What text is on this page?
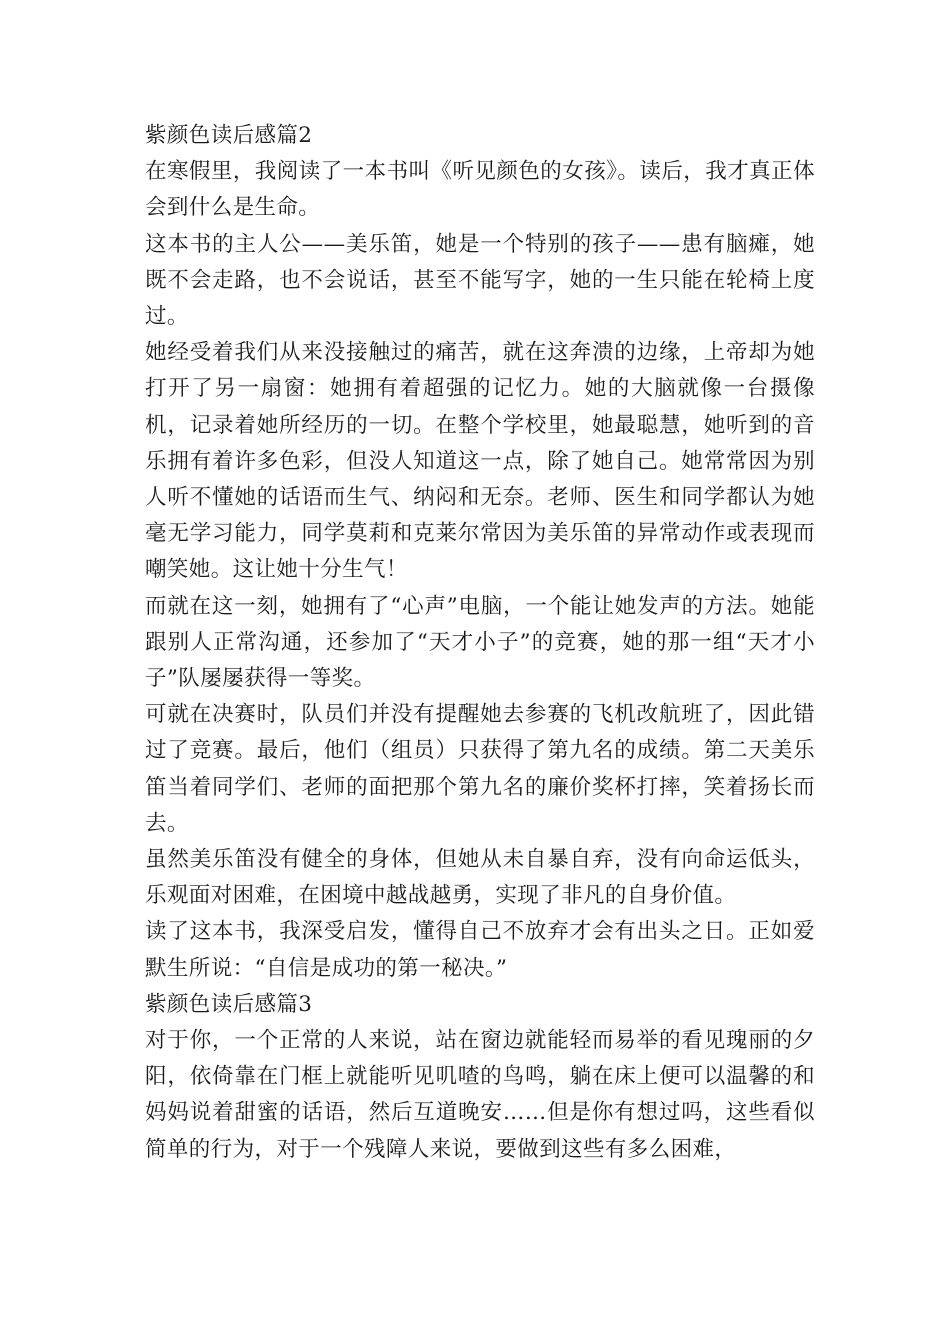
紫颜色读后感篇2

在寒假里，我阅读了一本书叫《听见颜色的女孩》。读后，我才真正体会到什么是生命。

这本书的主人公——美乐笛，她是一个特别的孩子——患有脑瘫，她既不会走路，也不会说话，甚至不能写字，她的一生只能在轮椅上度过。

她经受着我们从来没接触过的痛苦，就在这奔溃的边缘，上帝却为她打开了另一扇窗：她拥有着超强的记忆力。她的大脑就像一台摄像机，记录着她所经历的一切。在整个学校里，她最聪慧，她听到的音乐拥有着许多色彩，但没人知道这一点，除了她自己。她常常因为别人听不懂她的话语而生气、纳闷和无奈。老师、医生和同学都认为她毫无学习能力，同学莫莉和克莱尔常因为美乐笛的异常动作或表现而嘲笑她。这让她十分生气！

而就在这一刻，她拥有了“心声”电脑，一个能让她发声的方法。她能跟别人正常沟通，还参加了“天才小子”的竞赛，她的那一组“天才小子”队屡屡获得一等奖。

可就在决赛时，队员们并没有提醒她去参赛的飞机改航班了，因此错过了竞赛。最后，他们（组员）只获得了第九名的成绩。第二天美乐笛当着同学们、老师的面把那个第九名的廉价奖杯打摔，笑着扬长而去。

虽然美乐笛没有健全的身体，但她从未自暴自弃，没有向命运低头，乐观面对困难，在困境中越战越勇，实现了非凡的自身价值。

读了这本书，我深受启发，懂得自己不放弃才会有出头之日。正如爱默生所说：“自信是成功的第一秘决。”

紫颜色读后感篇3

对于你，一个正常的人来说，站在窗边就能轻而易举的看见瑰丽的夕阳，依倚靠在门框上就能听见叽喳的鸟鸣，躺在床上便可以温馨的和妈妈说着甜蜜的话语，然后互道晚安……但是你有想过吗，这些看似简单的行为，对于一个残障人来说，要做到这些有多么困难，
